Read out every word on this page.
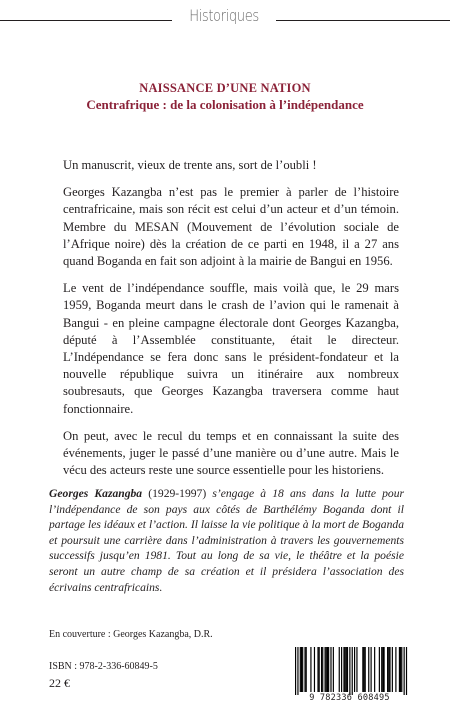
Historiques
NAISSANCE D’UNE NATION
Centrafrique : de la colonisation à l’indépendance

Un manuscrit, vieux de trente ans, sort de l’oubli !

Georges Kazangba n’est pas le premier à parler de l’histoire centrafricaine, mais son récit est celui d’un acteur et d’un témoin. Membre du MESAN (Mouvement de l’évolution sociale de l’Afrique noire) dès la création de ce parti en 1948, il a 27 ans quand Boganda en fait son adjoint à la mairie de Bangui en 1956.

Le vent de l’indépendance souffle, mais voilà que, le 29 mars 1959, Boganda meurt dans le crash de l’avion qui le ramenait à Bangui - en pleine campagne électorale dont Georges Kazangba, député à l’Assemblée constituante, était le directeur. L’Indépendance se fera donc sans le président-fondateur et la nouvelle république suivra un itinéraire aux nombreux soubresauts, que Georges Kazangba traversera comme haut fonctionnaire.

On peut, avec le recul du temps et en connaissant la suite des événements, juger le passé d’une manière ou d’une autre. Mais le vécu des acteurs reste une source essentielle pour les historiens.

Georges Kazangba (1929-1997) s’engage à 18 ans dans la lutte pour l’indépendance de son pays aux côtés de Barthélémy Boganda dont il partage les idéaux et l’action. Il laisse la vie politique à la mort de Boganda et poursuit une carrière dans l’administration à travers les gouvernements successifs jusqu’en 1981. Tout au long de sa vie, le théâtre et la poésie seront un autre champ de sa création et il présidera l’association des écrivains centrafricains.
En couverture : Georges Kazangba, D.R.
ISBN : 978-2-336-60849-5
22 €
9 782336 608495
